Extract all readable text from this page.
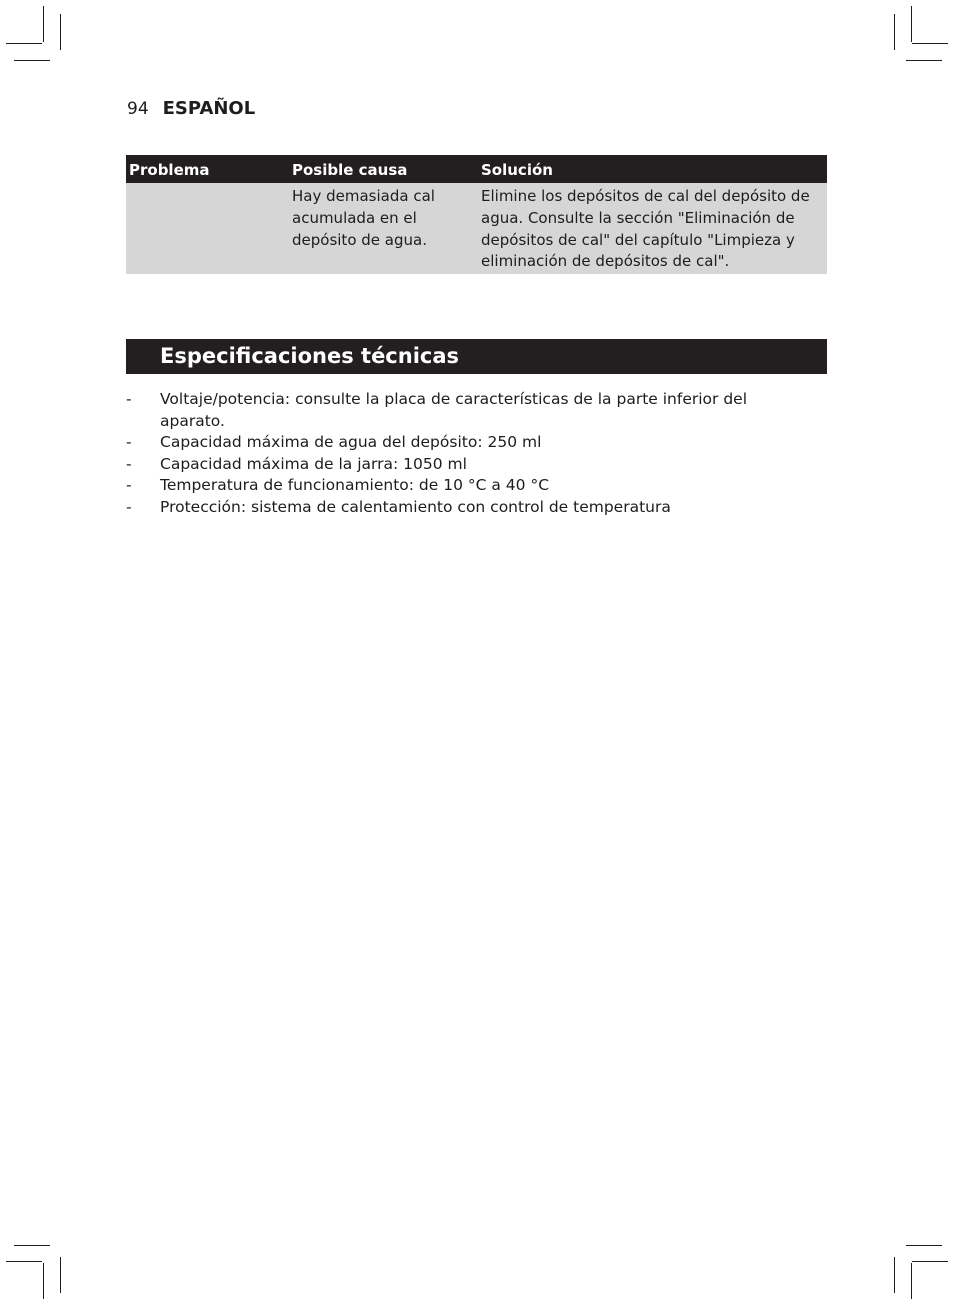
94 ESPAÑOL
Problema	Posible causa	Solución
	Hay demasiada cal acumulada en el depósito de agua.	Elimine los depósitos de cal del depósito de agua. Consulte la sección "Eliminación de depósitos de cal" del capítulo "Limpieza y eliminación de depósitos de cal".
Especificaciones técnicas
- Voltaje/potencia: consulte la placa de características de la parte inferior del aparato.
- Capacidad máxima de agua del depósito: 250 ml
- Capacidad máxima de la jarra: 1050 ml
- Temperatura de funcionamiento: de 10 °C a 40 °C
- Protección: sistema de calentamiento con control de temperatura
